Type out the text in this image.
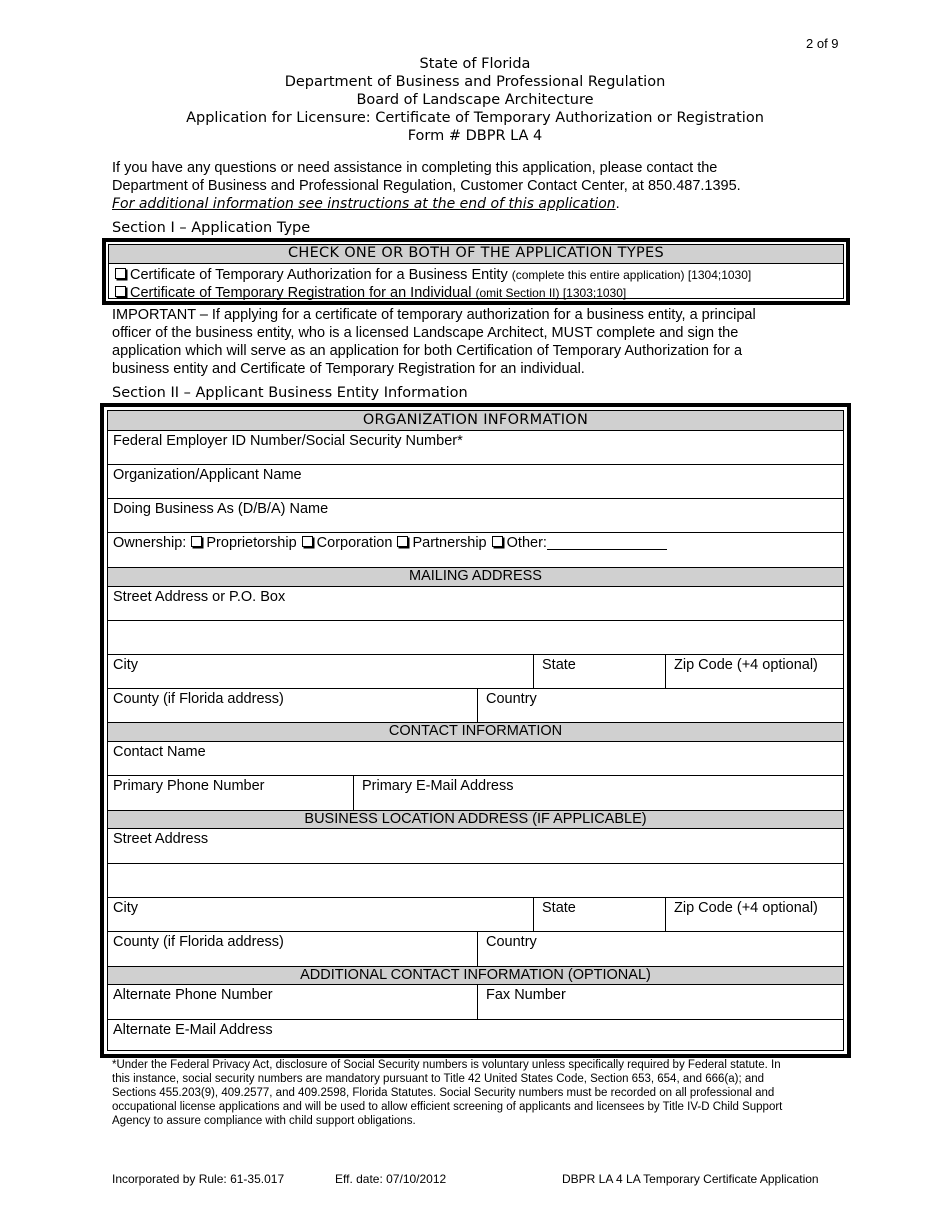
2 of 9
State of Florida
Department of Business and Professional Regulation
Board of Landscape Architecture
Application for Licensure: Certificate of Temporary Authorization or Registration
Form # DBPR LA 4
If you have any questions or need assistance in completing this application, please contact the
Department of Business and Professional Regulation, Customer Contact Center, at 850.487.1395.
For additional information see instructions at the end of this application.
Section I – Application Type
CHECK ONE OR BOTH OF THE APPLICATION TYPES
Certificate of Temporary Authorization for a Business Entity (complete this entire application) [1304;1030]
Certificate of Temporary Registration for an Individual (omit Section II) [1303;1030]
IMPORTANT – If applying for a certificate of temporary authorization for a business entity, a principal
officer of the business entity, who is a licensed Landscape Architect, MUST complete and sign the
application which will serve as an application for both Certification of Temporary Authorization for a
business entity and Certificate of Temporary Registration for an individual.
Section II – Applicant Business Entity Information
ORGANIZATION INFORMATION
Federal Employer ID Number/Social Security Number*
Organization/Applicant Name
Doing Business As (D/B/A) Name
Ownership: Proprietorship Corporation Partnership Other:
MAILING ADDRESS
Street Address or P.O. Box
City	State	Zip Code (+4 optional)
County (if Florida address)	Country
CONTACT INFORMATION
Contact Name
Primary Phone Number	Primary E-Mail Address
BUSINESS LOCATION ADDRESS (IF APPLICABLE)
Street Address
City	State	Zip Code (+4 optional)
County (if Florida address)	Country
ADDITIONAL CONTACT INFORMATION (OPTIONAL)
Alternate Phone Number	Fax Number
Alternate E-Mail Address
*Under the Federal Privacy Act, disclosure of Social Security numbers is voluntary unless specifically required by Federal statute. In
this instance, social security numbers are mandatory pursuant to Title 42 United States Code, Section 653, 654, and 666(a); and
Sections 455.203(9), 409.2577, and 409.2598, Florida Statutes. Social Security numbers must be recorded on all professional and
occupational license applications and will be used to allow efficient screening of applicants and licensees by Title IV-D Child Support
Agency to assure compliance with child support obligations.
Incorporated by Rule: 61-35.017	Eff. date: 07/10/2012	DBPR LA 4 LA Temporary Certificate Application
